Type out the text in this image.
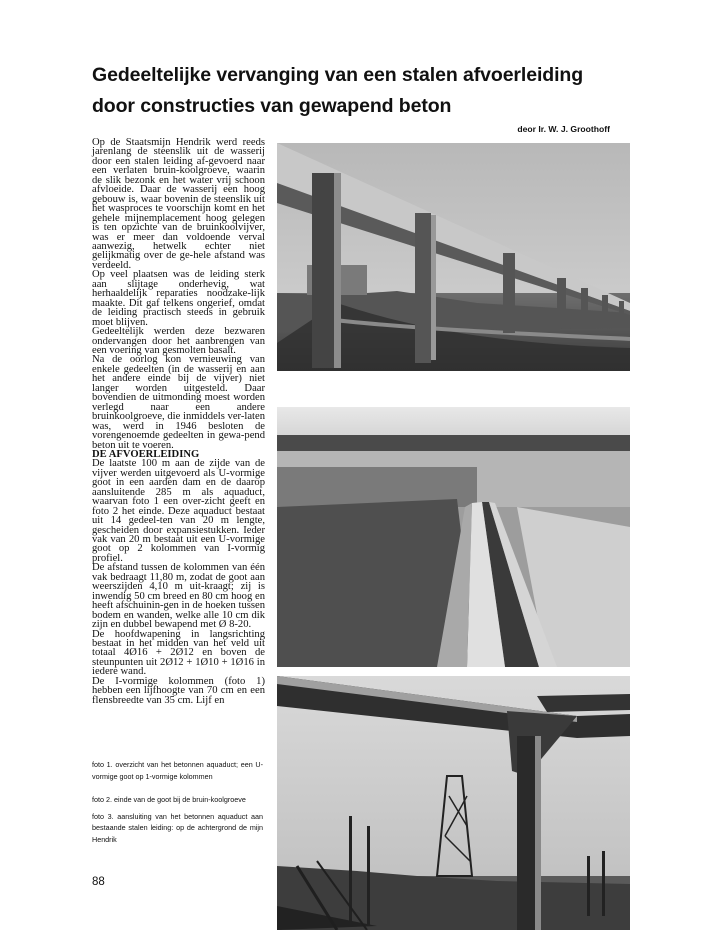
Gedeeltelijke vervanging van een stalen afvoerleiding
door constructies van gewapend beton
deor Ir. W. J. Groothoff

Op de Staatsmijn Hendrik werd reeds jarenlang de steenslik uit de wasserij door een stalen leiding af-gevoerd naar een verlaten bruin-koolgroeve, waarin de slik bezonk en het water vrij schoon afvloeide. Daar de wasserij een hoog gebouw is, waar bovenin de steenslik uit het wasproces te voorschijn komt en het gehele mijnemplacement hoog gelegen is ten opzichte van de bruinkoolvijver, was er meer dan voldoende verval aanwezig, hetwelk echter niet gelijkmatig over de ge-hele afstand was verdeeld.

Op veel plaatsen was de leiding sterk aan slijtage onderhevig, wat herhaaldelijk reparaties noodzake-lijk maakte. Dit gaf telkens ongerief, omdat de leiding practisch steeds in gebruik moet blijven.

Gedeeltelijk werden deze bezwaren ondervangen door het aanbrengen van een voering van gesmolten basalt.

Na de oorlog kon vernieuwing van enkele gedeelten (in de wasserij en aan het andere einde bij de vijver) niet langer worden uitgesteld. Daar bovendien de uitmonding moest worden verlegd naar een andere bruinkoolgroeve, die inmiddels ver-laten was, werd in 1946 besloten de vorengenoemde gedeelten in gewa-pend beton uit te voeren.

DE AFVOERLEIDING

De laatste 100 m aan de zijde van de vijver werden uitgevoerd als U-vormige goot in een aarden dam en de daarop aansluitende 285 m als aquaduct, waarvan foto 1 een over-zicht geeft en foto 2 het einde. Deze aquaduct bestaat uit 14 gedeel-ten van 20 m lengte, gescheiden door expansiestukken. Ieder vak van 20 m bestaat uit een U-vormige goot op 2 kolommen van I-vormig profiel.

De afstand tussen de kolommen van één vak bedraagt 11,80 m, zodat de goot aan weerszijden 4,10 m uit-kraagt; zij is inwendig 50 cm breed en 80 cm hoog en heeft afschuinin-gen in de hoeken tussen bodem en wanden, welke alle 10 cm dik zijn en dubbel bewapend met Ø 8-20.

De hoofdwapening in langsrichting bestaat in het midden van het veld uit totaal 4Ø16 + 2Ø12 en boven de steunpunten uit 2Ø12 + 1Ø10 + 1Ø16 in iedere wand.

De I-vormige kolommen (foto 1) hebben een lijfhoogte van 70 cm en een flensbreedte van 35 cm. Lijf en

foto 1. overzicht van het betonnen aquaduct; een U-vormige goot op 1-vormige kolommen

foto 2. einde van de goot bij de bruin-koolgroeve

foto 3. aansluiting van het betonnen aquaduct aan bestaande stalen leiding: op de achtergrond de mijn Hendrik

88
